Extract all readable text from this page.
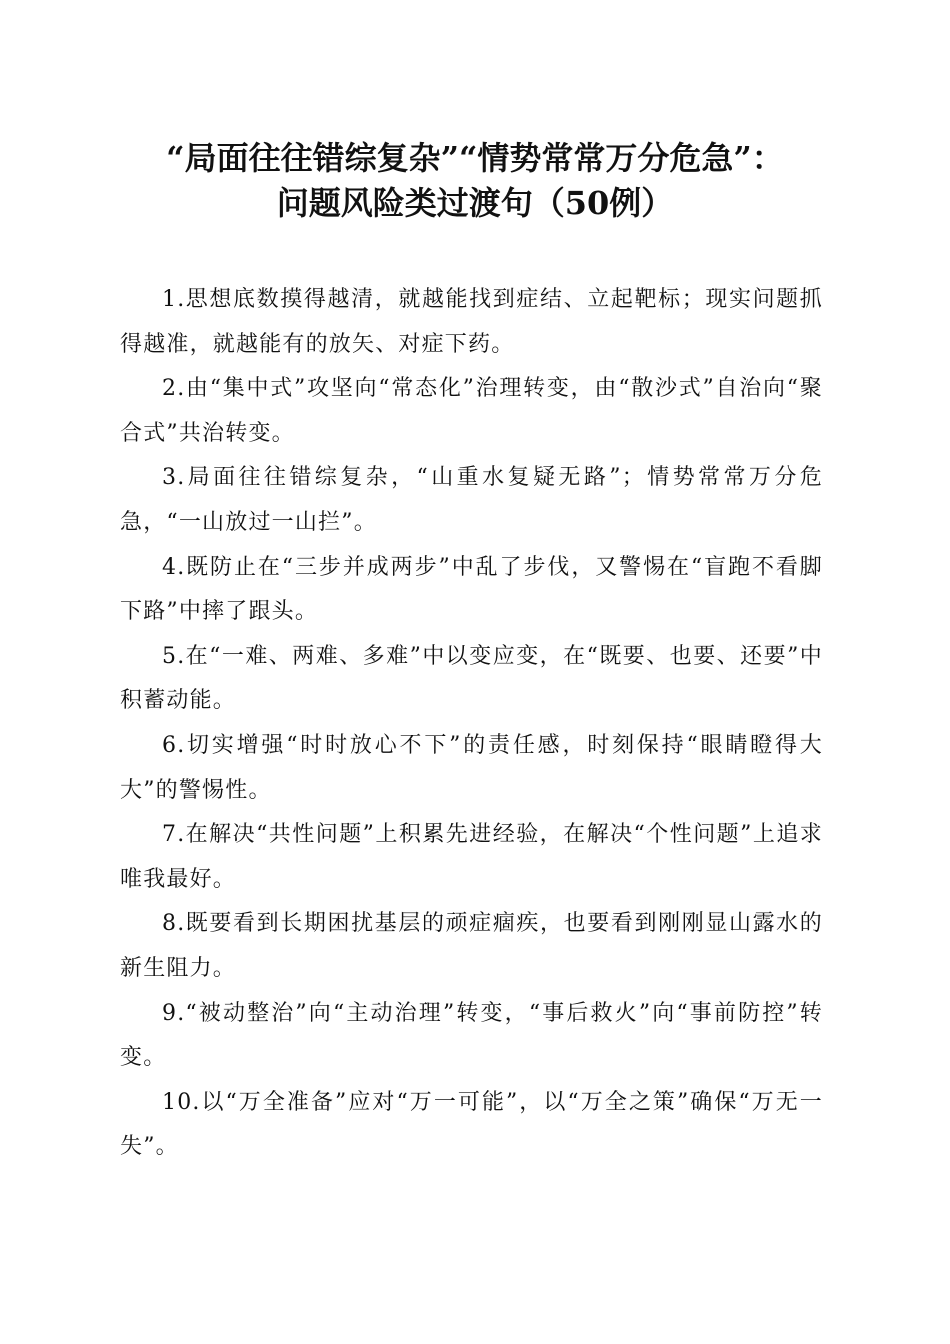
“局面往往错综复杂”“情势常常万分危急”：
问题风险类过渡句（50例）

1.思想底数摸得越清，就越能找到症结、立起靶标；现实问题抓得越准，就越能有的放矢、对症下药。

2.由“集中式”攻坚向“常态化”治理转变，由“散沙式”自治向“聚合式”共治转变。

3.局面往往错综复杂，“山重水复疑无路”；情势常常万分危急，“一山放过一山拦”。

4.既防止在“三步并成两步”中乱了步伐，又警惕在“盲跑不看脚下路”中摔了跟头。

5.在“一难、两难、多难”中以变应变，在“既要、也要、还要”中积蓄动能。

6.切实增强“时时放心不下”的责任感，时刻保持“眼睛瞪得大大”的警惕性。

7.在解决“共性问题”上积累先进经验，在解决“个性问题”上追求唯我最好。

8.既要看到长期困扰基层的顽症痼疾，也要看到刚刚显山露水的新生阻力。

9.“被动整治”向“主动治理”转变，“事后救火”向“事前防控”转变。

10.以“万全准备”应对“万一可能”，以“万全之策”确保“万无一失”。
